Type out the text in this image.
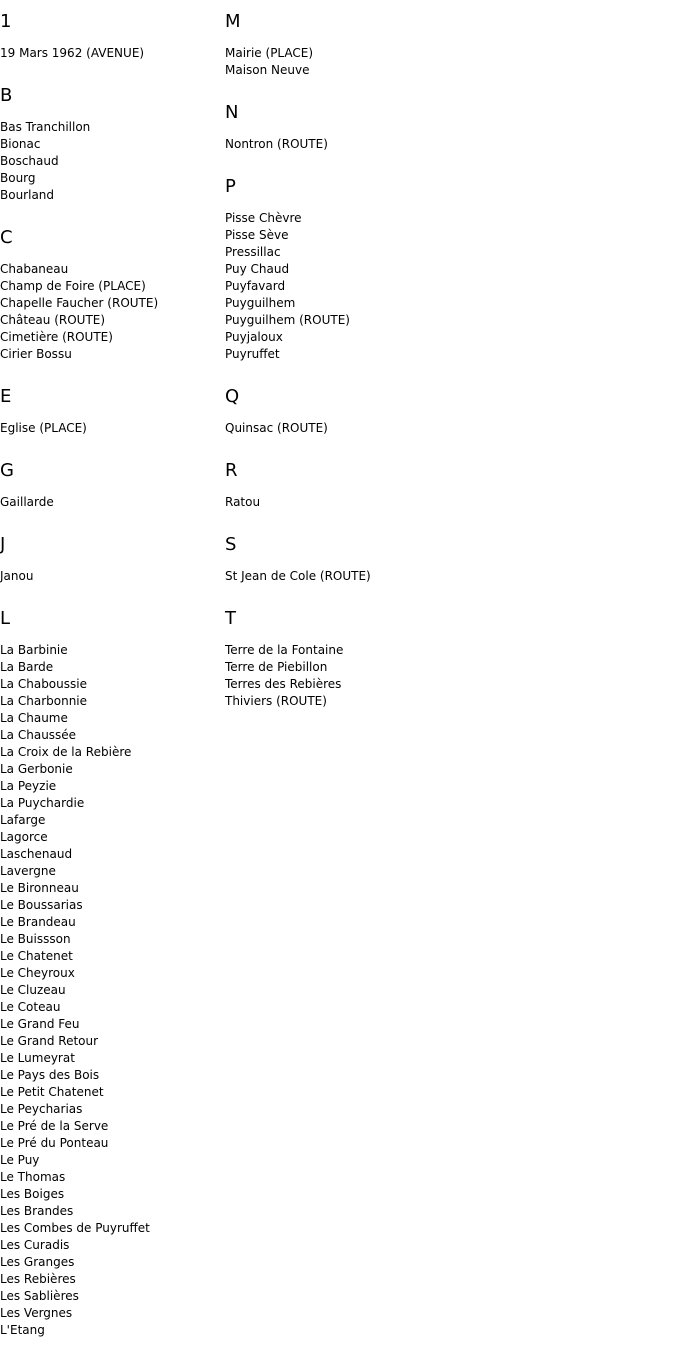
1
19 Mars 1962 (AVENUE)
B
Bas Tranchillon
Bionac
Boschaud
Bourg
Bourland
C
Chabaneau
Champ de Foire (PLACE)
Chapelle Faucher (ROUTE)
Château (ROUTE)
Cimetière (ROUTE)
Cirier Bossu
E
Eglise (PLACE)
G
Gaillarde
J
Janou
L
La Barbinie
La Barde
La Chaboussie
La Charbonnie
La Chaume
La Chaussée
La Croix de la Rebière
La Gerbonie
La Peyzie
La Puychardie
Lafarge
Lagorce
Laschenaud
Lavergne
Le Bironneau
Le Boussarias
Le Brandeau
Le Buissson
Le Chatenet
Le Cheyroux
Le Cluzeau
Le Coteau
Le Grand Feu
Le Grand Retour
Le Lumeyrat
Le Pays des Bois
Le Petit Chatenet
Le Peycharias
Le Pré de la Serve
Le Pré du Ponteau
Le Puy
Le Thomas
Les Boiges
Les Brandes
Les Combes de Puyruffet
Les Curadis
Les Granges
Les Rebières
Les Sablières
Les Vergnes
L'Etang
M
Mairie (PLACE)
Maison Neuve
N
Nontron (ROUTE)
P
Pisse Chèvre
Pisse Sève
Pressillac
Puy Chaud
Puyfavard
Puyguilhem
Puyguilhem (ROUTE)
Puyjaloux
Puyruffet
Q
Quinsac (ROUTE)
R
Ratou
S
St Jean de Cole (ROUTE)
T
Terre de la Fontaine
Terre de Piebillon
Terres des Rebières
Thiviers (ROUTE)
